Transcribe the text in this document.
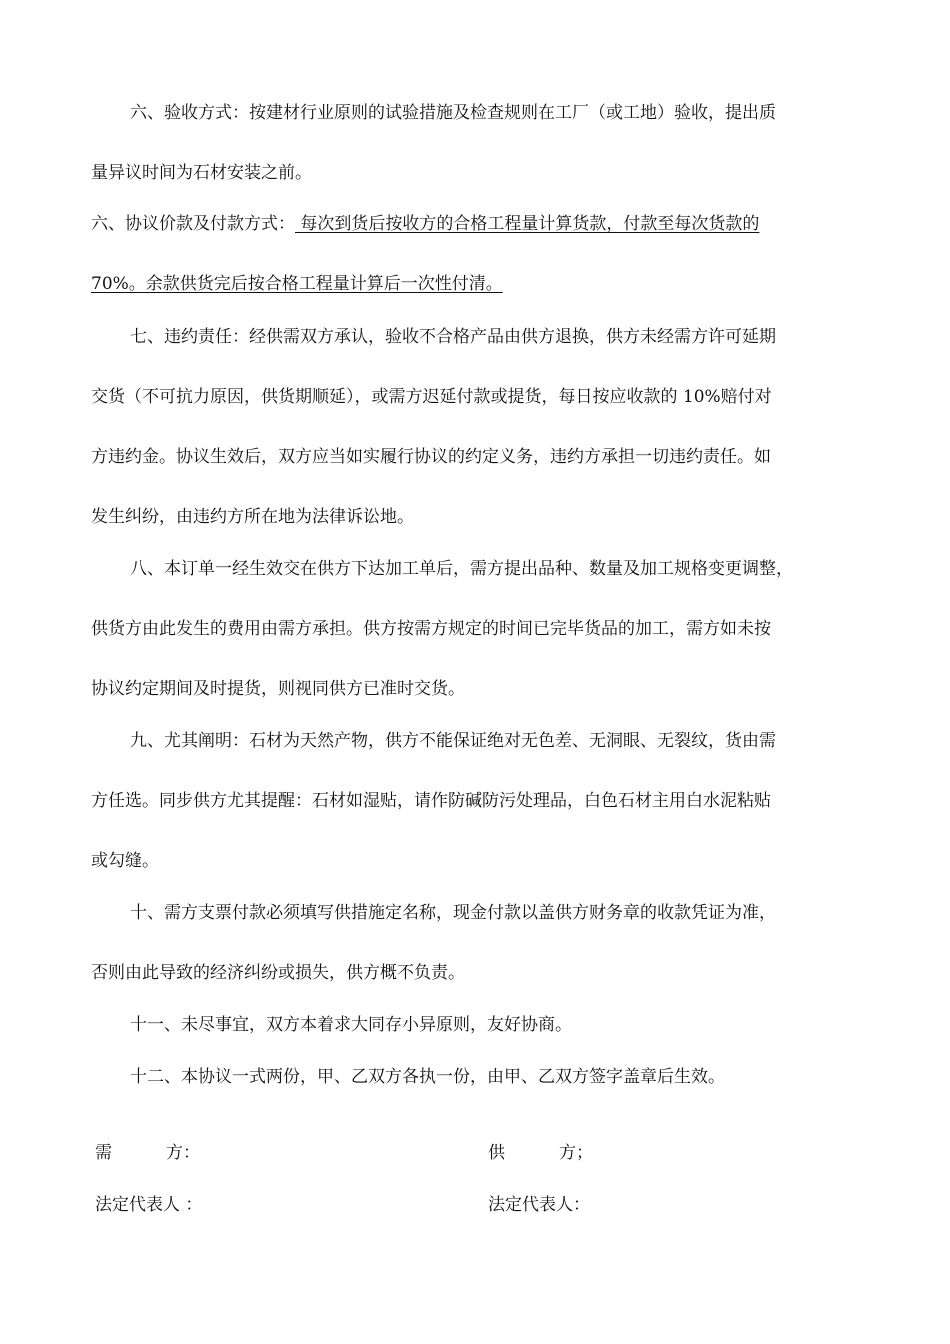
六、验收方式：按建材行业原则的试验措施及检查规则在工厂（或工地）验收，提出质
量异议时间为石材安装之前。
六、协议价款及付款方式： 每次到货后按收方的合格工程量计算货款，付款至每次货款的
70%。余款供货完后按合格工程量计算后一次性付清。
七、违约责任：经供需双方承认，验收不合格产品由供方退换，供方未经需方许可延期
交货（不可抗力原因，供货期顺延），或需方迟延付款或提货，每日按应收款的 10%赔付对
方违约金。协议生效后，双方应当如实履行协议的约定义务，违约方承担一切违约责任。如
发生纠纷，由违约方所在地为法律诉讼地。
八、本订单一经生效交在供方下达加工单后，需方提出品种、数量及加工规格变更调整，
供货方由此发生的费用由需方承担。供方按需方规定的时间已完毕货品的加工，需方如未按
协议约定期间及时提货，则视同供方已准时交货。
九、尤其阐明：石材为天然产物，供方不能保证绝对无色差、无洞眼、无裂纹，货由需
方任选。同步供方尤其提醒：石材如湿贴，请作防碱防污处理品，白色石材主用白水泥粘贴
或勾缝。
十、需方支票付款必须填写供措施定名称，现金付款以盖供方财务章的收款凭证为准，
否则由此导致的经济纠纷或损失，供方概不负责。
十一、未尽事宜，双方本着求大同存小异原则，友好协商。
十二、本协议一式两份，甲、乙双方各执一份，由甲、乙双方签字盖章后生效。
需          方：	供          方；
法定代表人 ：	法定代表人：
